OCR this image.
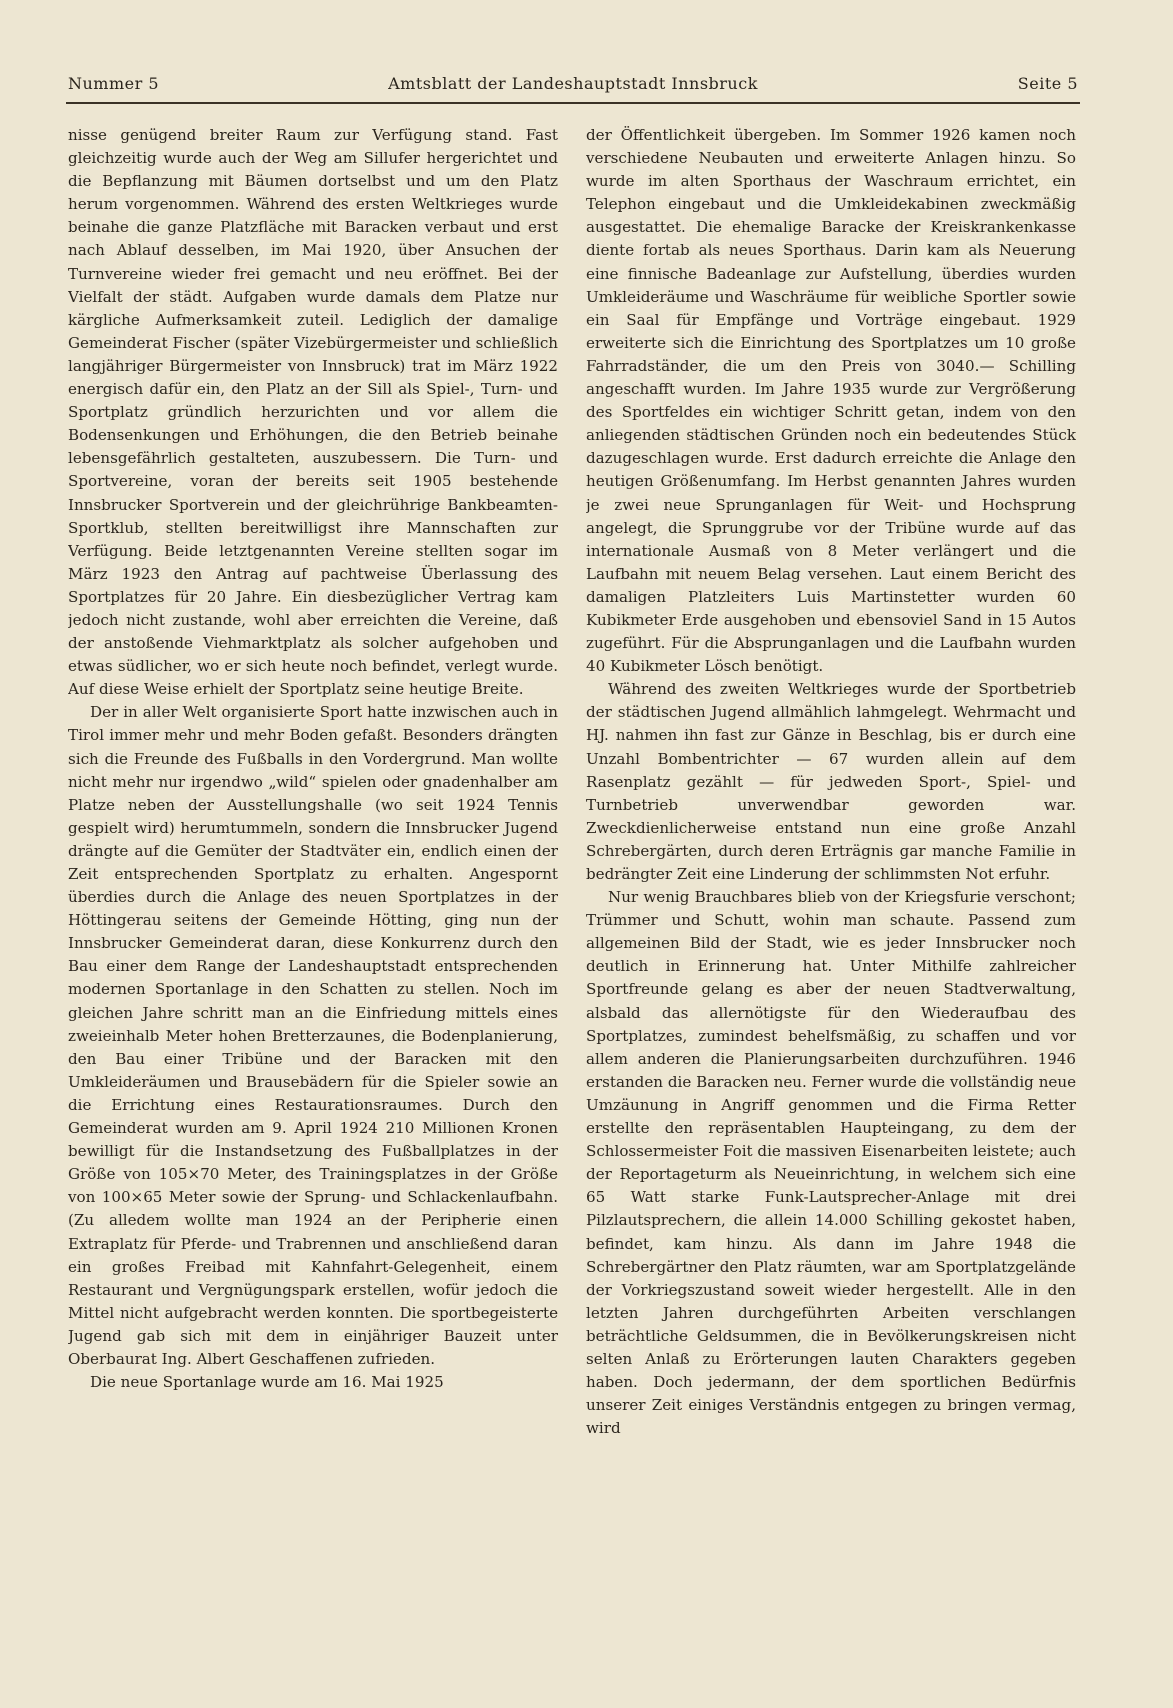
Nummer 5	Amtsblatt der Landeshauptstadt Innsbruck	Seite 5

nisse genügend breiter Raum zur Verfügung stand. Fast gleichzeitig wurde auch der Weg am Sillufer hergerichtet und die Bepflanzung mit Bäumen dortselbst und um den Platz herum vorgenommen. Während des ersten Weltkrieges wurde beinahe die ganze Platzfläche mit Baracken verbaut und erst nach Ablauf desselben, im Mai 1920, über Ansuchen der Turnvereine wieder frei gemacht und neu eröffnet. Bei der Vielfalt der städt. Aufgaben wurde damals dem Platze nur kärgliche Aufmerksamkeit zuteil. Lediglich der damalige Gemeinderat Fischer (später Vizebürgermeister und schließlich langjähriger Bürgermeister von Innsbruck) trat im März 1922 energisch dafür ein, den Platz an der Sill als Spiel-, Turn- und Sportplatz gründlich herzurichten und vor allem die Bodensenkungen und Erhöhungen, die den Betrieb beinahe lebensgefährlich gestalteten, auszubessern. Die Turn- und Sportvereine, voran der bereits seit 1905 bestehende Innsbrucker Sportverein und der gleichrührige Bankbeamten-Sportklub, stellten bereitwilligst ihre Mannschaften zur Verfügung. Beide letztgenannten Vereine stellten sogar im März 1923 den Antrag auf pachtweise Überlassung des Sportplatzes für 20 Jahre. Ein diesbezüglicher Vertrag kam jedoch nicht zustande, wohl aber erreichten die Vereine, daß der anstoßende Viehmarktplatz als solcher aufgehoben und etwas südlicher, wo er sich heute noch befindet, verlegt wurde. Auf diese Weise erhielt der Sportplatz seine heutige Breite.

Der in aller Welt organisierte Sport hatte inzwischen auch in Tirol immer mehr und mehr Boden gefaßt. Besonders drängten sich die Freunde des Fußballs in den Vordergrund. Man wollte nicht mehr nur irgendwo „wild“ spielen oder gnadenhalber am Platze neben der Ausstellungshalle (wo seit 1924 Tennis gespielt wird) herumtummeln, sondern die Innsbrucker Jugend drängte auf die Gemüter der Stadtväter ein, endlich einen der Zeit entsprechenden Sportplatz zu erhalten. Angespornt überdies durch die Anlage des neuen Sportplatzes in der Höttingerau seitens der Gemeinde Hötting, ging nun der Innsbrucker Gemeinderat daran, diese Konkurrenz durch den Bau einer dem Range der Landeshauptstadt entsprechenden modernen Sportanlage in den Schatten zu stellen. Noch im gleichen Jahre schritt man an die Einfriedung mittels eines zweieinhalb Meter hohen Bretterzaunes, die Bodenplanierung, den Bau einer Tribüne und der Baracken mit den Umkleideräumen und Brausebädern für die Spieler sowie an die Errichtung eines Restaurationsraumes. Durch den Gemeinderat wurden am 9. April 1924 210 Millionen Kronen bewilligt für die Instandsetzung des Fußballplatzes in der Größe von 105×70 Meter, des Trainingsplatzes in der Größe von 100×65 Meter sowie der Sprung- und Schlackenlaufbahn. (Zu alledem wollte man 1924 an der Peripherie einen Extraplatz für Pferde- und Trabrennen und anschließend daran ein großes Freibad mit Kahnfahrt-Gelegenheit, einem Restaurant und Vergnügungspark erstellen, wofür jedoch die Mittel nicht aufgebracht werden konnten. Die sportbegeisterte Jugend gab sich mit dem in einjähriger Bauzeit unter Oberbaurat Ing. Albert Geschaffenen zufrieden.

Die neue Sportanlage wurde am 16. Mai 1925

der Öffentlichkeit übergeben. Im Sommer 1926 kamen noch verschiedene Neubauten und erweiterte Anlagen hinzu. So wurde im alten Sporthaus der Waschraum errichtet, ein Telephon eingebaut und die Umkleidekabinen zweckmäßig ausgestattet. Die ehemalige Baracke der Kreiskrankenkasse diente fortab als neues Sporthaus. Darin kam als Neuerung eine finnische Badeanlage zur Aufstellung, überdies wurden Umkleideräume und Waschräume für weibliche Sportler sowie ein Saal für Empfänge und Vorträge eingebaut. 1929 erweiterte sich die Einrichtung des Sportplatzes um 10 große Fahrradständer, die um den Preis von 3040.— Schilling angeschafft wurden. Im Jahre 1935 wurde zur Vergrößerung des Sportfeldes ein wichtiger Schritt getan, indem von den anliegenden städtischen Gründen noch ein bedeutendes Stück dazugeschlagen wurde. Erst dadurch erreichte die Anlage den heutigen Größenumfang. Im Herbst genannten Jahres wurden je zwei neue Sprunganlagen für Weit- und Hochsprung angelegt, die Sprunggrube vor der Tribüne wurde auf das internationale Ausmaß von 8 Meter verlängert und die Laufbahn mit neuem Belag versehen. Laut einem Bericht des damaligen Platzleiters Luis Martinstetter wurden 60 Kubikmeter Erde ausgehoben und ebensoviel Sand in 15 Autos zugeführt. Für die Absprunganlagen und die Laufbahn wurden 40 Kubikmeter Lösch benötigt.

Während des zweiten Weltkrieges wurde der Sportbetrieb der städtischen Jugend allmählich lahmgelegt. Wehrmacht und HJ. nahmen ihn fast zur Gänze in Beschlag, bis er durch eine Unzahl Bombentrichter — 67 wurden allein auf dem Rasenplatz gezählt — für jedweden Sport-, Spiel- und Turnbetrieb unverwendbar geworden war. Zweckdienlicherweise entstand nun eine große Anzahl Schrebergärten, durch deren Erträgnis gar manche Familie in bedrängter Zeit eine Linderung der schlimmsten Not erfuhr.

Nur wenig Brauchbares blieb von der Kriegsfurie verschont; Trümmer und Schutt, wohin man schaute. Passend zum allgemeinen Bild der Stadt, wie es jeder Innsbrucker noch deutlich in Erinnerung hat. Unter Mithilfe zahlreicher Sportfreunde gelang es aber der neuen Stadtverwaltung, alsbald das allernötigste für den Wiederaufbau des Sportplatzes, zumindest behelfsmäßig, zu schaffen und vor allem anderen die Planierungsarbeiten durchzuführen. 1946 erstanden die Baracken neu. Ferner wurde die vollständig neue Umzäunung in Angriff genommen und die Firma Retter erstellte den repräsentablen Haupteingang, zu dem der Schlossermeister Foit die massiven Eisenarbeiten leistete; auch der Reportageturm als Neueinrichtung, in welchem sich eine 65 Watt starke Funk-Lautsprecher-Anlage mit drei Pilzlautsprechern, die allein 14.000 Schilling gekostet haben, befindet, kam hinzu. Als dann im Jahre 1948 die Schrebergärtner den Platz räumten, war am Sportplatzgelände der Vorkriegszustand soweit wieder hergestellt. Alle in den letzten Jahren durchgeführten Arbeiten verschlangen beträchtliche Geldsummen, die in Bevölkerungskreisen nicht selten Anlaß zu Erörterungen lauten Charakters gegeben haben. Doch jedermann, der dem sportlichen Bedürfnis unserer Zeit einiges Verständnis entgegen zu bringen vermag, wird
